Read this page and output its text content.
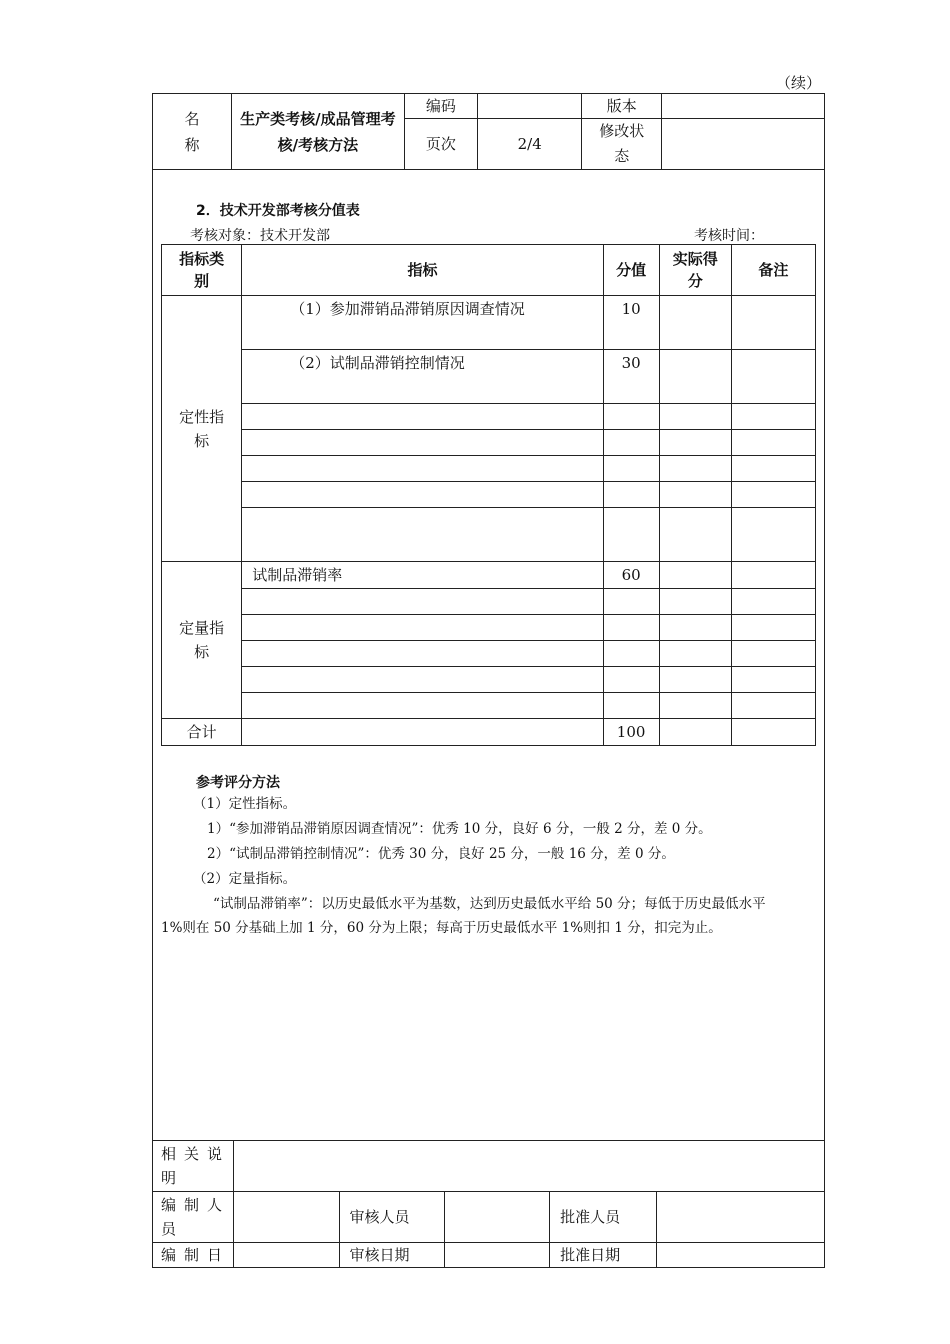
（续）
名
称	生产类考核/成品管理考核/考核方法	编码		版本	
		页次	2/4	修改状态	
2．技术开发部考核分值表
考核对象：技术开发部	考核时间：
指标类别	指标	分值	实际得分	备注
定性指标	（1）参加滞销品滞销原因调查情况	10		
	（2）试制品滞销控制情况	30		

定量指标	试制品滞销率	60		

合计		100		
参考评分方法
（1）定性指标。
1）“参加滞销品滞销原因调查情况”：优秀 10 分，良好 6 分，一般 2 分，差 0 分。
2）“试制品滞销控制情况”：优秀 30 分，良好 25 分，一般 16 分，差 0 分。
（2）定量指标。
“试制品滞销率”：以历史最低水平为基数，达到历史最低水平给 50 分；每低于历史最低水平
1%则在 50 分基础上加 1 分，60 分为上限；每高于历史最低水平 1%则扣 1 分，扣完为止。
相关说明					
编制人员		审核人员		批准人员	
编制日		审核日期		批准日期	
